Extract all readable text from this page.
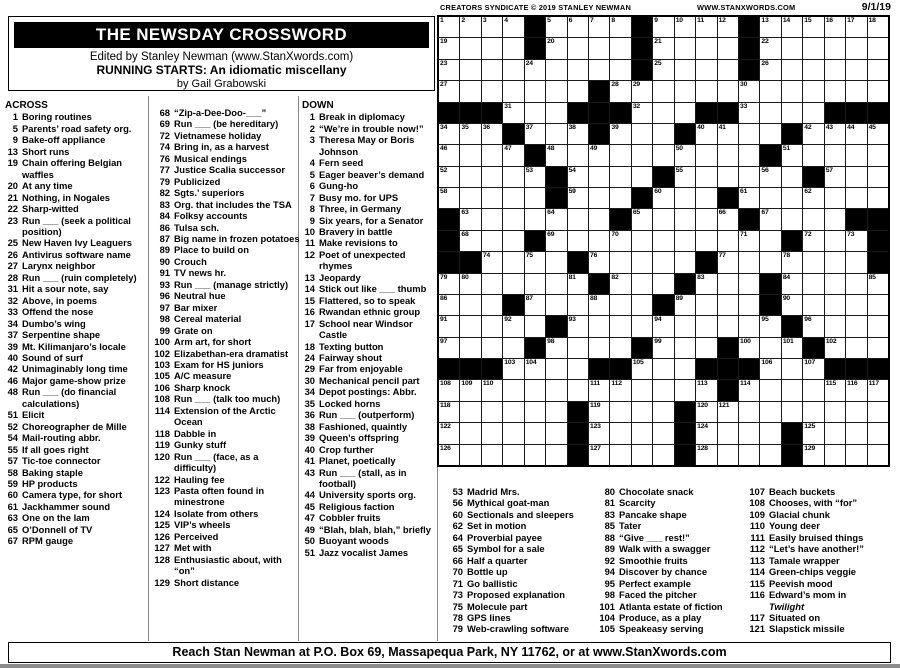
CREATORS SYNDICATE © 2019 STANLEY NEWMAN	WWW.STANXWORDS.COM	9/1/19
THE NEWSDAY CROSSWORD
Edited by Stanley Newman (www.StanXwords.com)
RUNNING STARTS: An idiomatic miscellany
by Gail Grabowski
ACROSS
1 Boring routines
5 Parents’ road safety org.
9 Bake-off appliance
13 Short runs
19 Chain offering Belgian waffles
20 At any time
21 Nothing, in Nogales
22 Sharp-witted
23 Run ___ (seek a political position)
25 New Haven Ivy Leaguers
26 Antivirus software name
27 Larynx neighbor
28 Run ___ (ruin completely)
31 Hit a sour note, say
32 Above, in poems
33 Offend the nose
34 Dumbo’s wing
37 Serpentine shape
39 Mt. Kilimanjaro’s locale
40 Sound of surf
42 Unimaginably long time
46 Major game-show prize
48 Run ___ (do financial calculations)
51 Elicit
52 Choreographer de Mille
54 Mail-routing abbr.
55 If all goes right
57 Tic-toe connector
58 Baking staple
59 HP products
60 Camera type, for short
61 Jackhammer sound
63 One on the lam
65 O’Donnell of TV
67 RPM gauge
68 “Zip-a-Dee-Doo-___”
69 Run ___ (be hereditary)
72 Vietnamese holiday
74 Bring in, as a harvest
76 Musical endings
77 Justice Scalia successor
79 Publicized
82 Sgts.’ superiors
83 Org. that includes the TSA
84 Folksy accounts
86 Tulsa sch.
87 Big name in frozen potatoes
89 Place to build on
90 Crouch
91 TV news hr.
93 Run ___ (manage strictly)
96 Neutral hue
97 Bar mixer
98 Cereal material
99 Grate on
100 Arm art, for short
102 Elizabethan-era dramatist
103 Exam for HS juniors
105 A/C measure
106 Sharp knock
108 Run ___ (talk too much)
114 Extension of the Arctic Ocean
118 Dabble in
119 Gunky stuff
120 Run ___ (face, as a difficulty)
122 Hauling fee
123 Pasta often found in minestrone
124 Isolate from others
125 VIP’s wheels
126 Perceived
127 Met with
128 Enthusiastic about, with “on”
129 Short distance
DOWN
1 Break in diplomacy
2 “We’re in trouble now!”
3 Theresa May or Boris Johnson
4 Fern seed
5 Eager beaver’s demand
6 Gung-ho
7 Busy mo. for UPS
8 Three, in Germany
9 Six years, for a Senator
10 Bravery in battle
11 Make revisions to
12 Poet of unexpected rhymes
13 Jeopardy
14 Stick out like ___ thumb
15 Flattered, so to speak
16 Rwandan ethnic group
17 School near Windsor Castle
18 Texting button
24 Fairway shout
29 Far from enjoyable
30 Mechanical pencil part
34 Depot postings: Abbr.
35 Locked horns
36 Run ___ (outperform)
38 Fashioned, quaintly
39 Queen’s offspring
40 Crop further
41 Planet, poetically
43 Run ___ (stall, as in football)
44 University sports org.
45 Religious faction
47 Cobbler fruits
49 “Blah, blah, blah,” briefly
50 Buoyant woods
51 Jazz vocalist James
1	2	3	4	5	6	7	8	9	10 11 12	13 14 15 16 17 18
19	20	21	22
23	24	25	26
27	28 29	30
31	32	33
34 35 36	37	38	39	40 41	42 43 44 45
46	47	48	49	50	51
52	53	54	55	56	57
58	59	60	61	62
63	64	65	66	67
68	69	70	71	72	73
74	75	76	77	78
79 80	81	82	83	84	85
86	87	88	89	90
91	92	93	94	95	96
97	98	99	100	101	102
103 104	105	106	107
108 109 110	111 112	113	114	115 116 117
118	119	120 121
122	123	124	125
126	127	128	129
53 Madrid Mrs.
56 Mythical goat-man
60 Sectionals and sleepers
62 Set in motion
64 Proverbial payee
65 Symbol for a sale
66 Half a quarter
70 Bottle up
71 Go ballistic
73 Proposed explanation
75 Molecule part
78 GPS lines
79 Web-crawling software
80 Chocolate snack
81 Scarcity
83 Pancake shape
85 Tater
88 “Give ___ rest!”
89 Walk with a swagger
92 Smoothie fruits
94 Discover by chance
95 Perfect example
98 Faced the pitcher
101 Atlanta estate of fiction
104 Produce, as a play
105 Speakeasy serving
107 Beach buckets
108 Chooses, with “for”
109 Glacial chunk
110 Young deer
111 Easily bruised things
112 “Let’s have another!”
113 Tamale wrapper
114 Green-chips veggie
115 Peevish mood
116 Edward’s mom in
Twilight
117 Situated on
121 Slapstick missile
Reach Stan Newman at P.O. Box 69, Massapequa Park, NY 11762, or at www.StanXwords.com
